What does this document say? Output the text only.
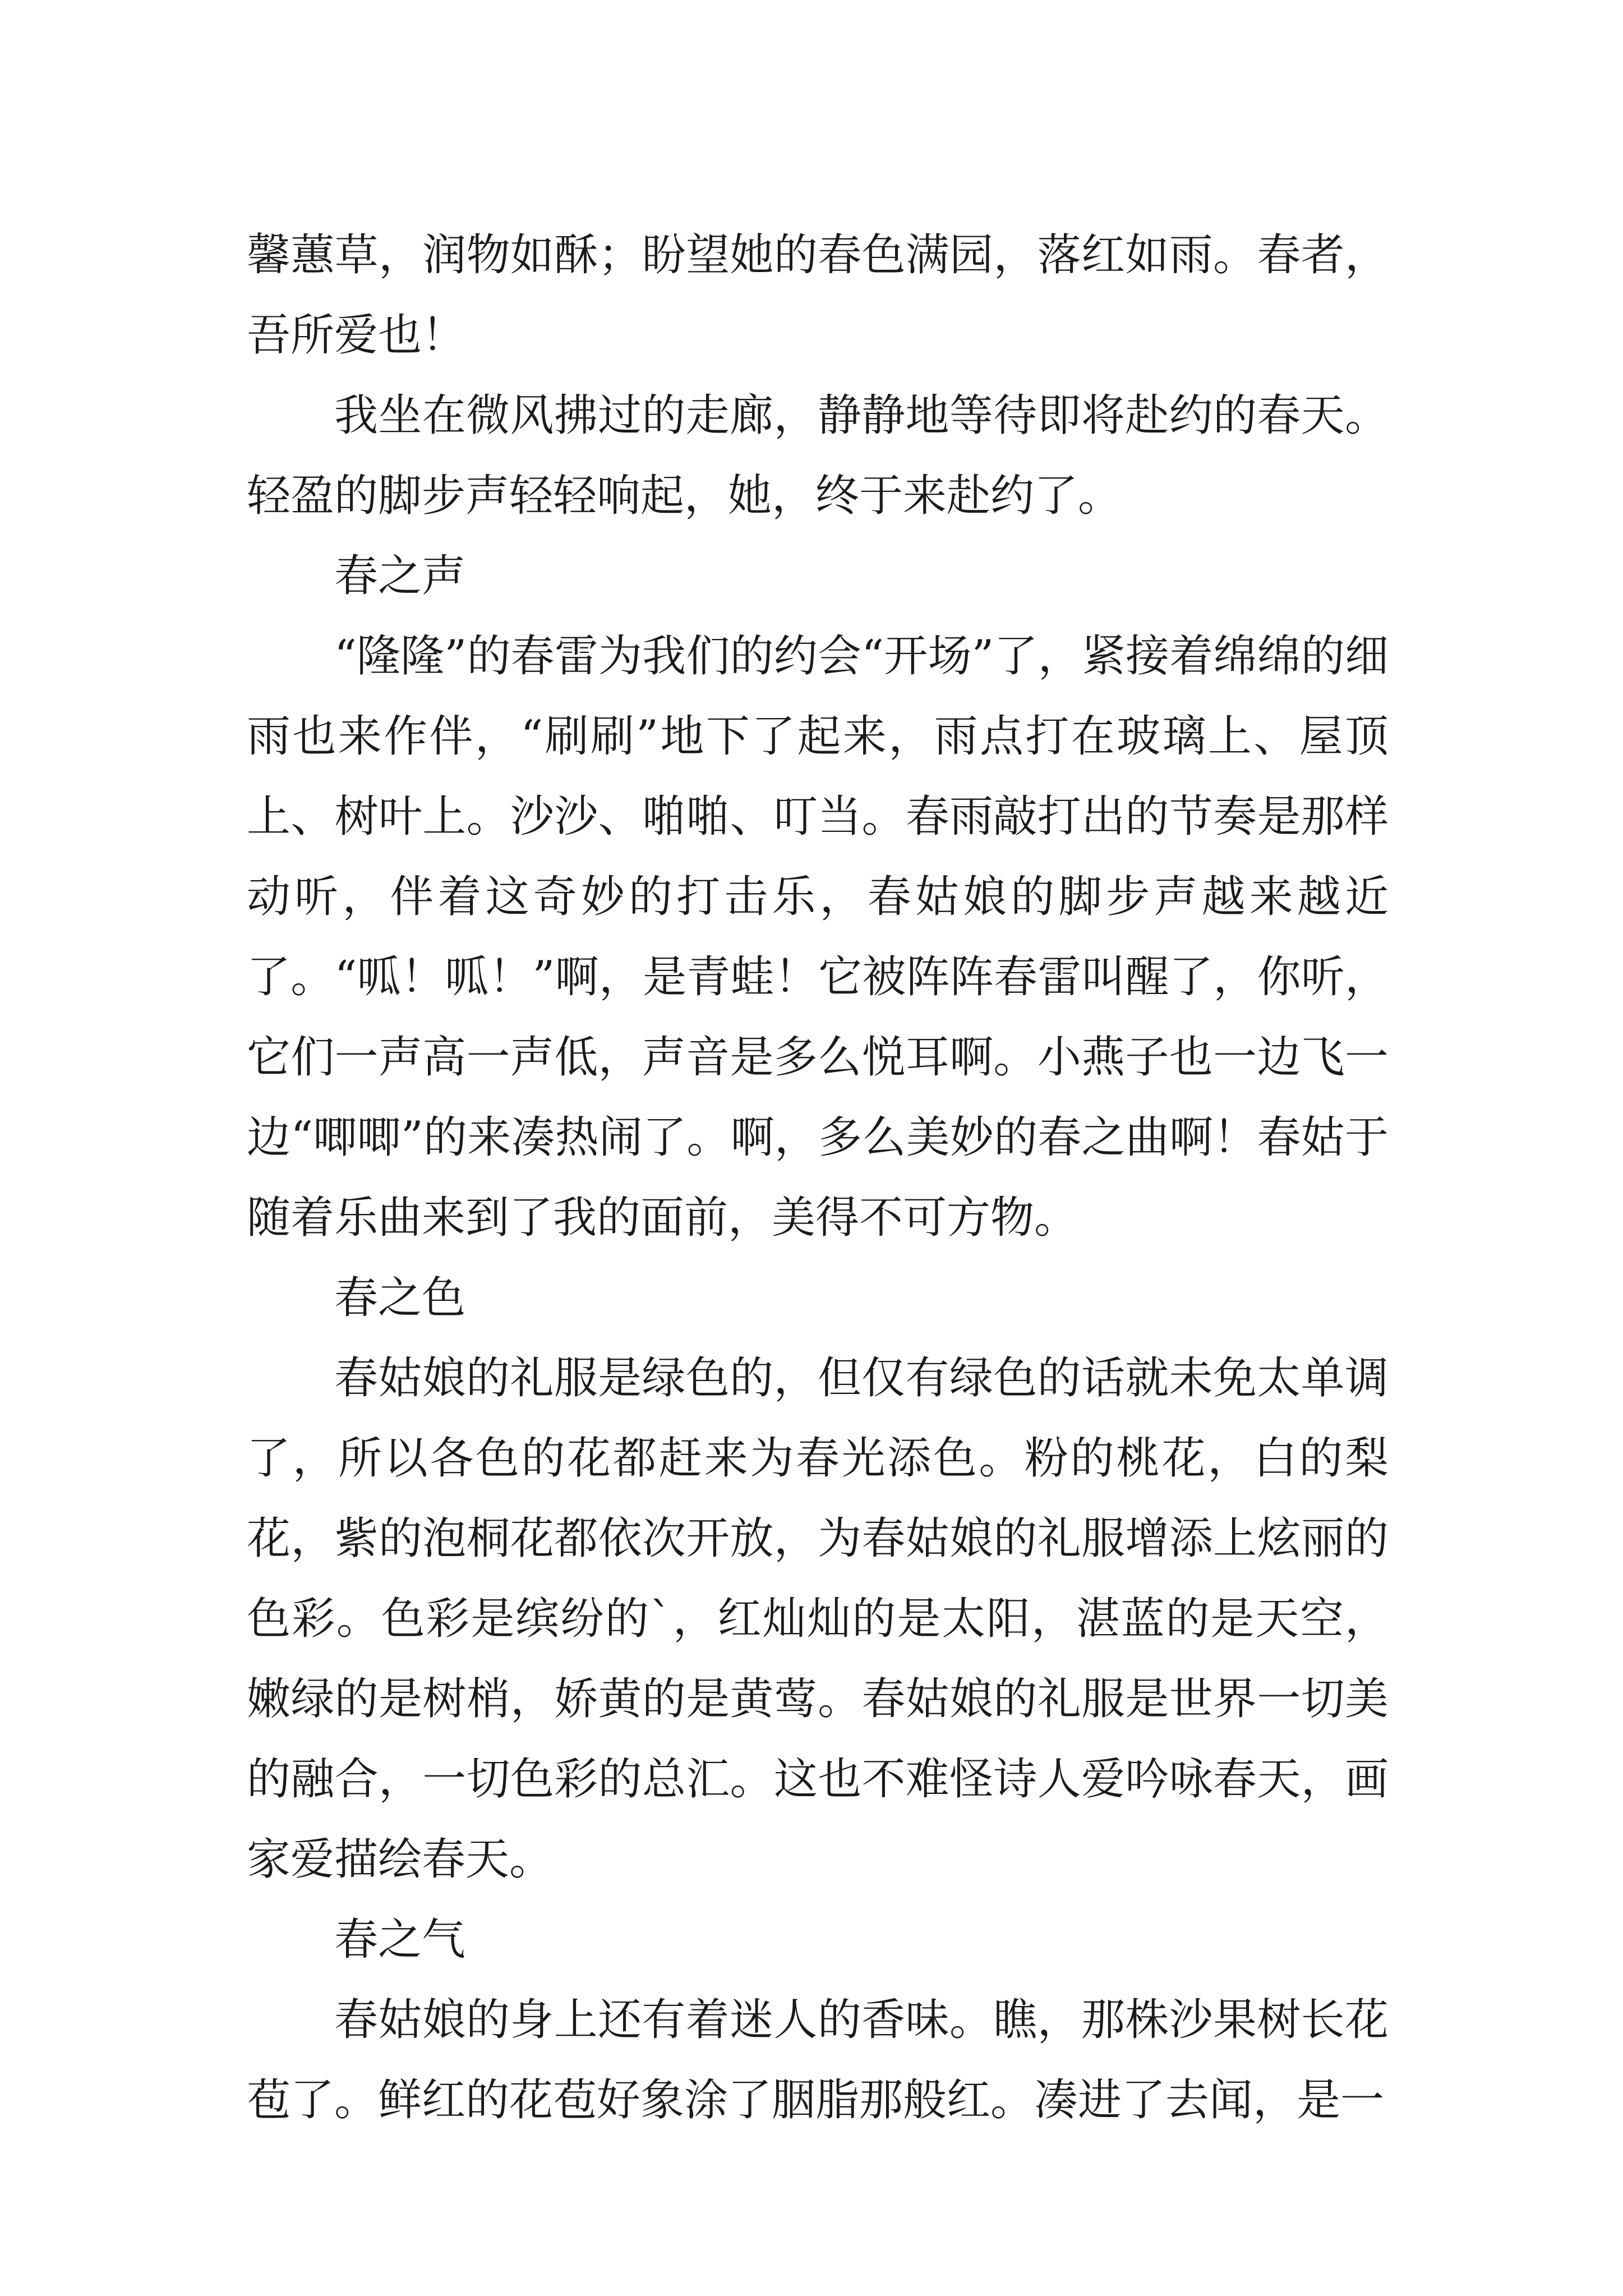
馨蕙草，润物如酥；盼望她的春色满园，落红如雨。春者，吾所爱也！

我坐在微风拂过的走廊，静静地等待即将赴约的春天。轻盈的脚步声轻轻响起，她，终于来赴约了。

春之声

“隆隆”的春雷为我们的约会“开场”了，紧接着绵绵的细雨也来作伴，“刷刷”地下了起来，雨点打在玻璃上、屋顶上、树叶上。沙沙、啪啪、叮当。春雨敲打出的节奏是那样动听，伴着这奇妙的打击乐，春姑娘的脚步声越来越近了。“呱！呱！”啊，是青蛙！它被阵阵春雷叫醒了，你听，它们一声高一声低，声音是多么悦耳啊。小燕子也一边飞一边“唧唧”的来凑热闹了。啊，多么美妙的春之曲啊！春姑于随着乐曲来到了我的面前，美得不可方物。

春之色

春姑娘的礼服是绿色的，但仅有绿色的话就未免太单调了，所以各色的花都赶来为春光添色。粉的桃花，白的梨花，紫的泡桐花都依次开放，为春姑娘的礼服增添上炫丽的色彩。色彩是缤纷的`，红灿灿的是太阳，湛蓝的是天空，嫩绿的是树梢，娇黄的是黄莺。春姑娘的礼服是世界一切美的融合，一切色彩的总汇。这也不难怪诗人爱吟咏春天，画家爱描绘春天。

春之气

春姑娘的身上还有着迷人的香味。瞧，那株沙果树长花苞了。鲜红的花苞好象涂了胭脂那般红。凑进了去闻，是一
